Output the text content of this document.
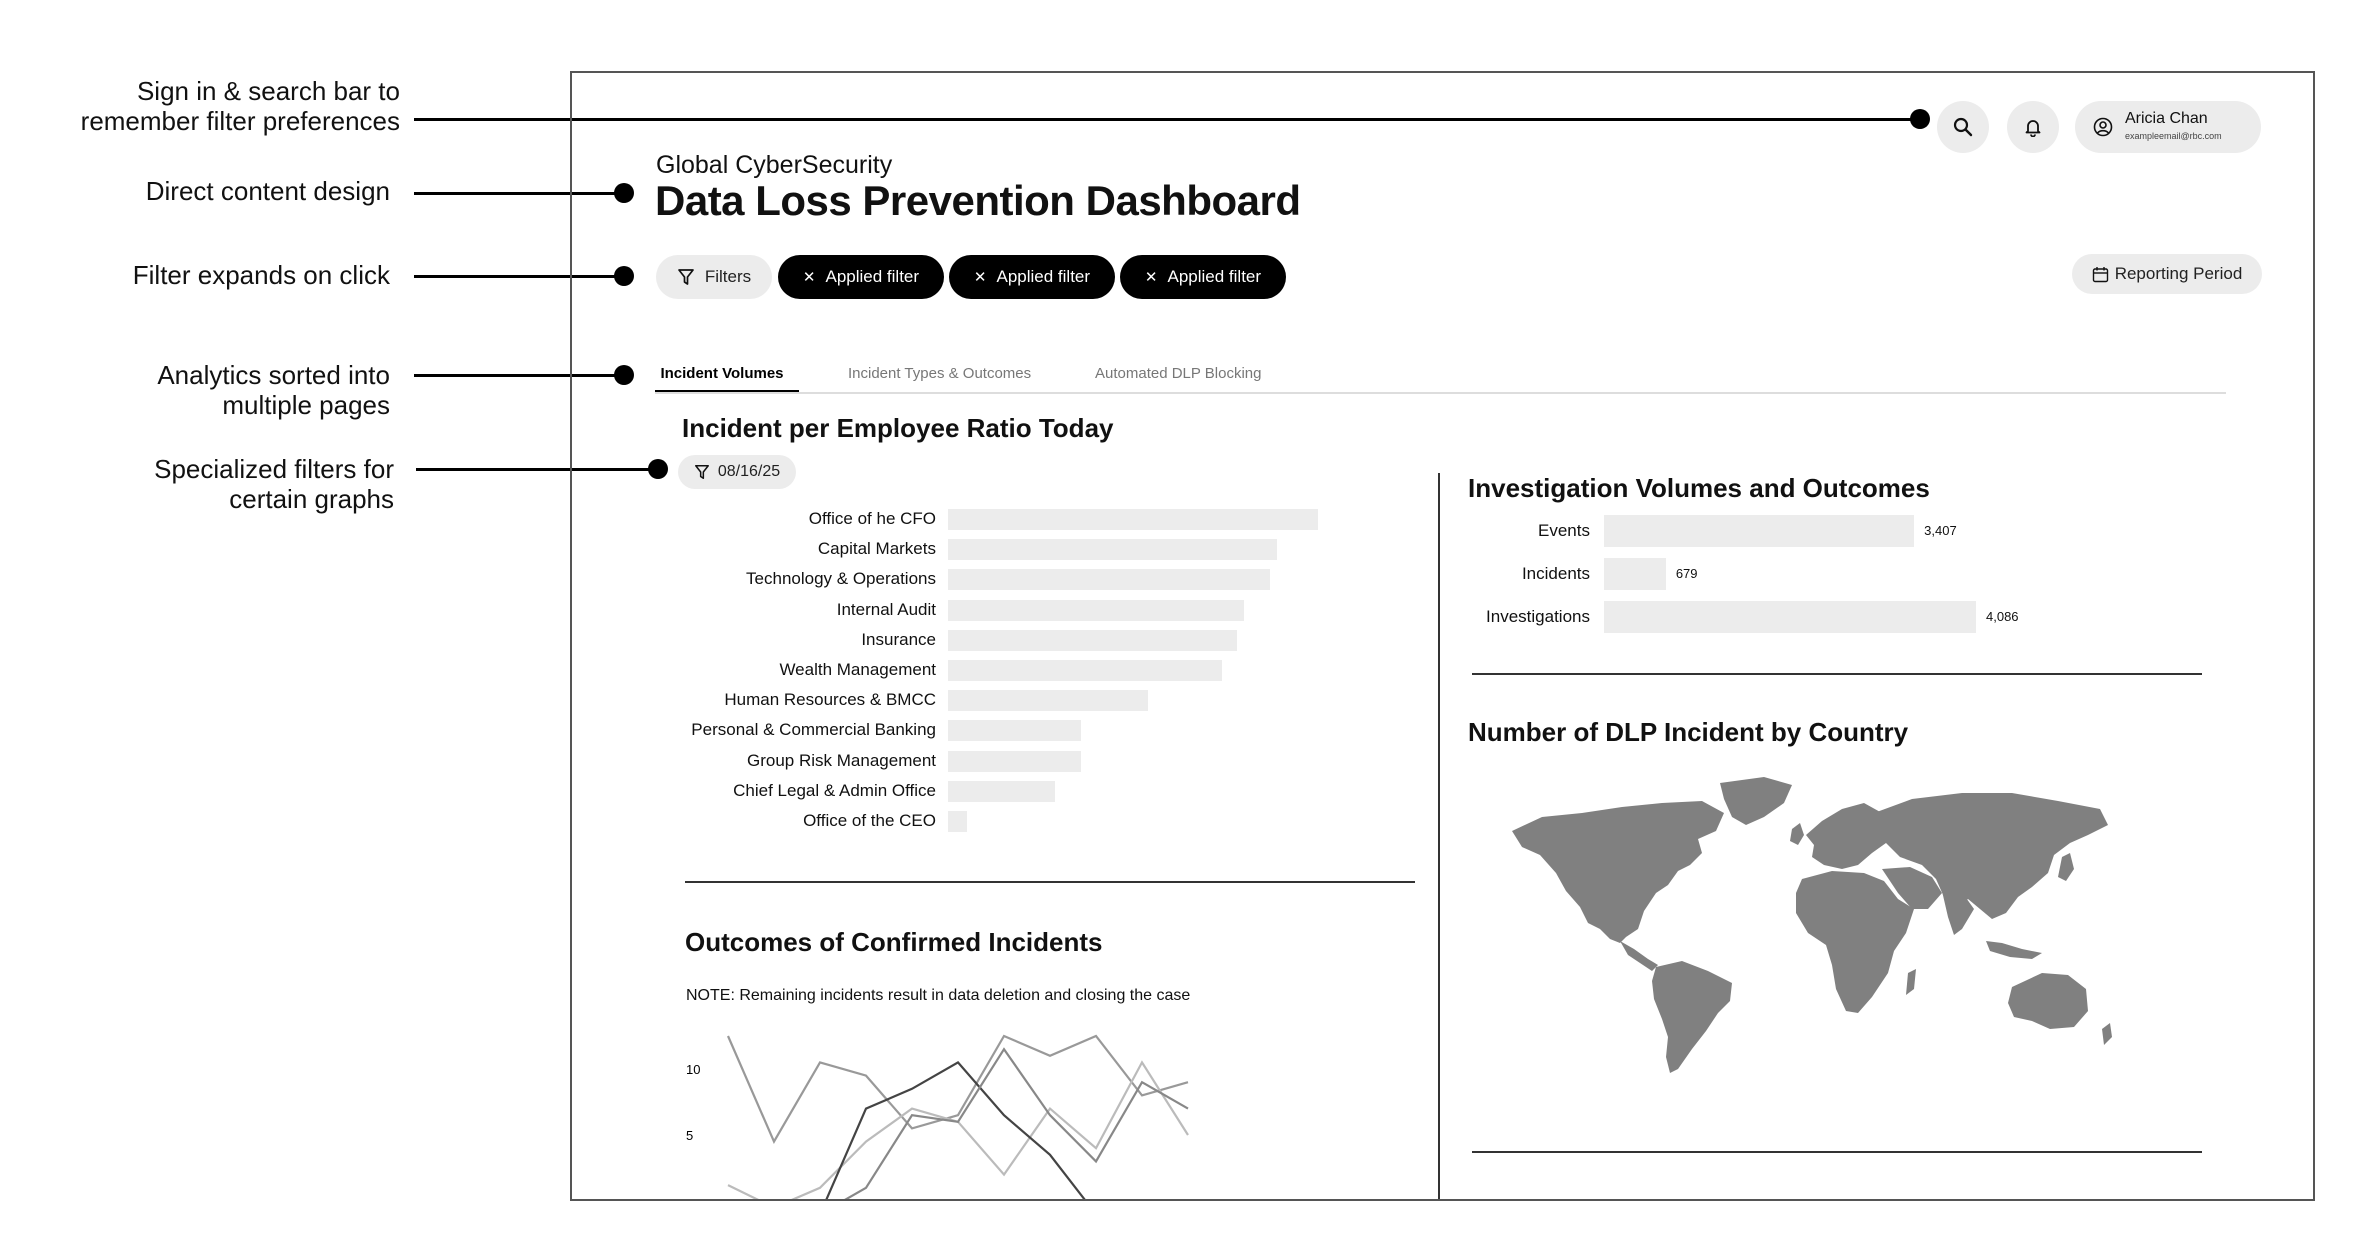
Sign in & search bar to
remember filter preferences
Direct content design
Filter expands on click
Analytics sorted into
multiple pages
Specialized filters for
certain graphs
Aricia Chan
exampleemail@rbc.com
Global CyberSecurity
Data Loss Prevention Dashboard
Filters	✕ Applied filter	✕ Applied filter	✕ Applied filter	Reporting Period
Incident Volumes	Incident Types & Outcomes	Automated DLP Blocking
Incident per Employee Ratio Today
08/16/25
Office of he CFO
Capital Markets
Technology & Operations
Internal Audit
Insurance
Wealth Management
Human Resources & BMCC
Personal & Commercial Banking
Group Risk Management
Chief Legal & Admin Office
Office of the CEO
Outcomes of Confirmed Incidents
NOTE: Remaining incidents result in data deletion and closing the case
10
5
Investigation Volumes and Outcomes
Events	3,407
Incidents	679
Investigations	4,086
Number of DLP Incident by Country
